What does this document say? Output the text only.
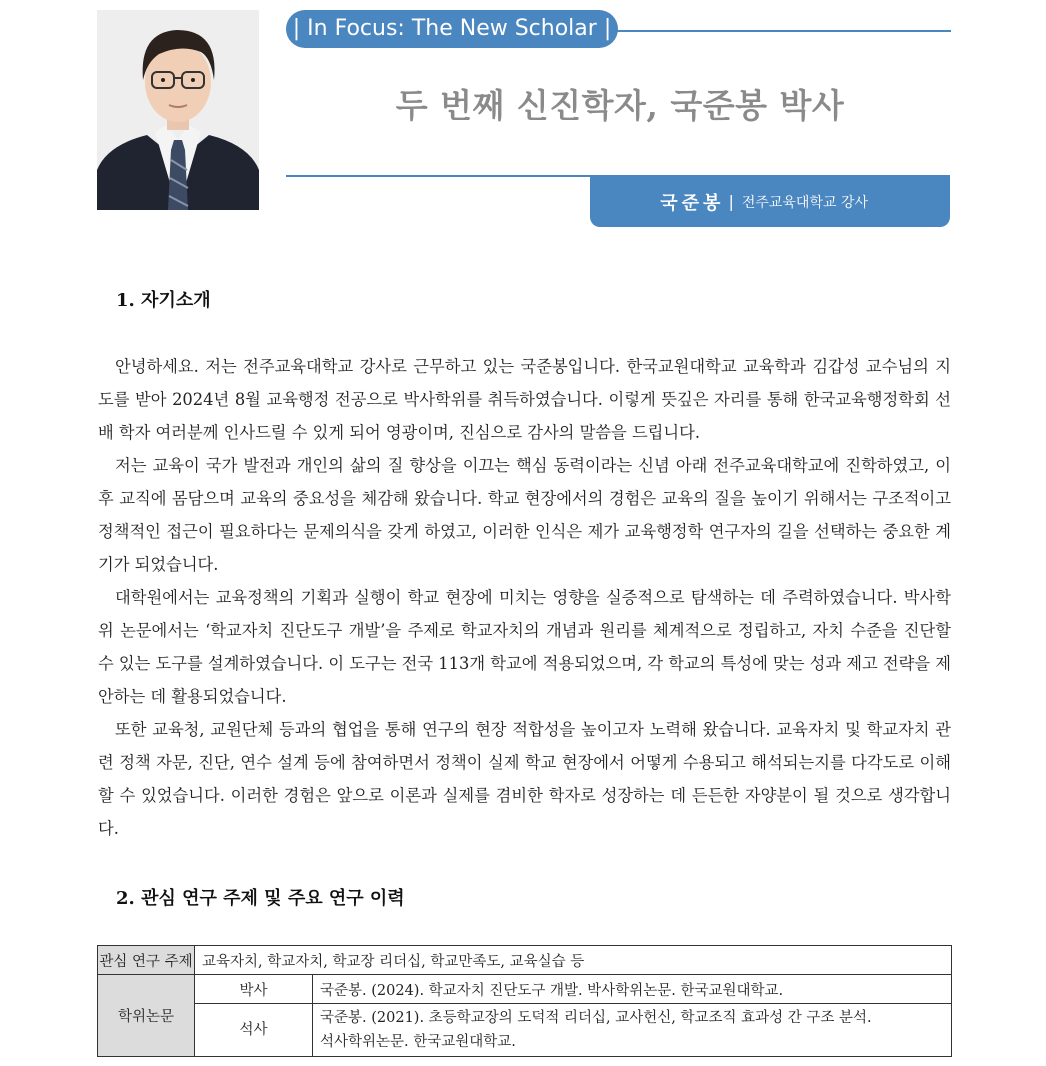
| In Focus: The New Scholar |
두 번째 신진학자, 국준봉 박사
국준봉 | 전주교육대학교 강사
1. 자기소개

안녕하세요. 저는 전주교육대학교 강사로 근무하고 있는 국준봉입니다. 한국교원대학교 교육학과 김갑성 교수님의 지도를 받아 2024년 8월 교육행정 전공으로 박사학위를 취득하였습니다. 이렇게 뜻깊은 자리를 통해 한국교육행정학회 선배 학자 여러분께 인사드릴 수 있게 되어 영광이며, 진심으로 감사의 말씀을 드립니다.

저는 교육이 국가 발전과 개인의 삶의 질 향상을 이끄는 핵심 동력이라는 신념 아래 전주교육대학교에 진학하였고, 이후 교직에 몸담으며 교육의 중요성을 체감해 왔습니다. 학교 현장에서의 경험은 교육의 질을 높이기 위해서는 구조적이고 정책적인 접근이 필요하다는 문제의식을 갖게 하였고, 이러한 인식은 제가 교육행정학 연구자의 길을 선택하는 중요한 계기가 되었습니다.

대학원에서는 교육정책의 기획과 실행이 학교 현장에 미치는 영향을 실증적으로 탐색하는 데 주력하였습니다. 박사학위 논문에서는 ‘학교자치 진단도구 개발’을 주제로 학교자치의 개념과 원리를 체계적으로 정립하고, 자치 수준을 진단할 수 있는 도구를 설계하였습니다. 이 도구는 전국 113개 학교에 적용되었으며, 각 학교의 특성에 맞는 성과 제고 전략을 제안하는 데 활용되었습니다.

또한 교육청, 교원단체 등과의 협업을 통해 연구의 현장 적합성을 높이고자 노력해 왔습니다. 교육자치 및 학교자치 관련 정책 자문, 진단, 연수 설계 등에 참여하면서 정책이 실제 학교 현장에서 어떻게 수용되고 해석되는지를 다각도로 이해할 수 있었습니다. 이러한 경험은 앞으로 이론과 실제를 겸비한 학자로 성장하는 데 든든한 자양분이 될 것으로 생각합니다.

2. 관심 연구 주제 및 주요 연구 이력
관심 연구 주제	교육자치, 학교자치, 학교장 리더십, 학교만족도, 교육실습 등	
학위논문	박사	국준봉. (2024). 학교자치 진단도구 개발. 박사학위논문. 한국교원대학교.
	석사	국준봉. (2021). 초등학교장의 도덕적 리더십, 교사헌신, 학교조직 효과성 간 구조 분석.
석사학위논문. 한국교원대학교.
